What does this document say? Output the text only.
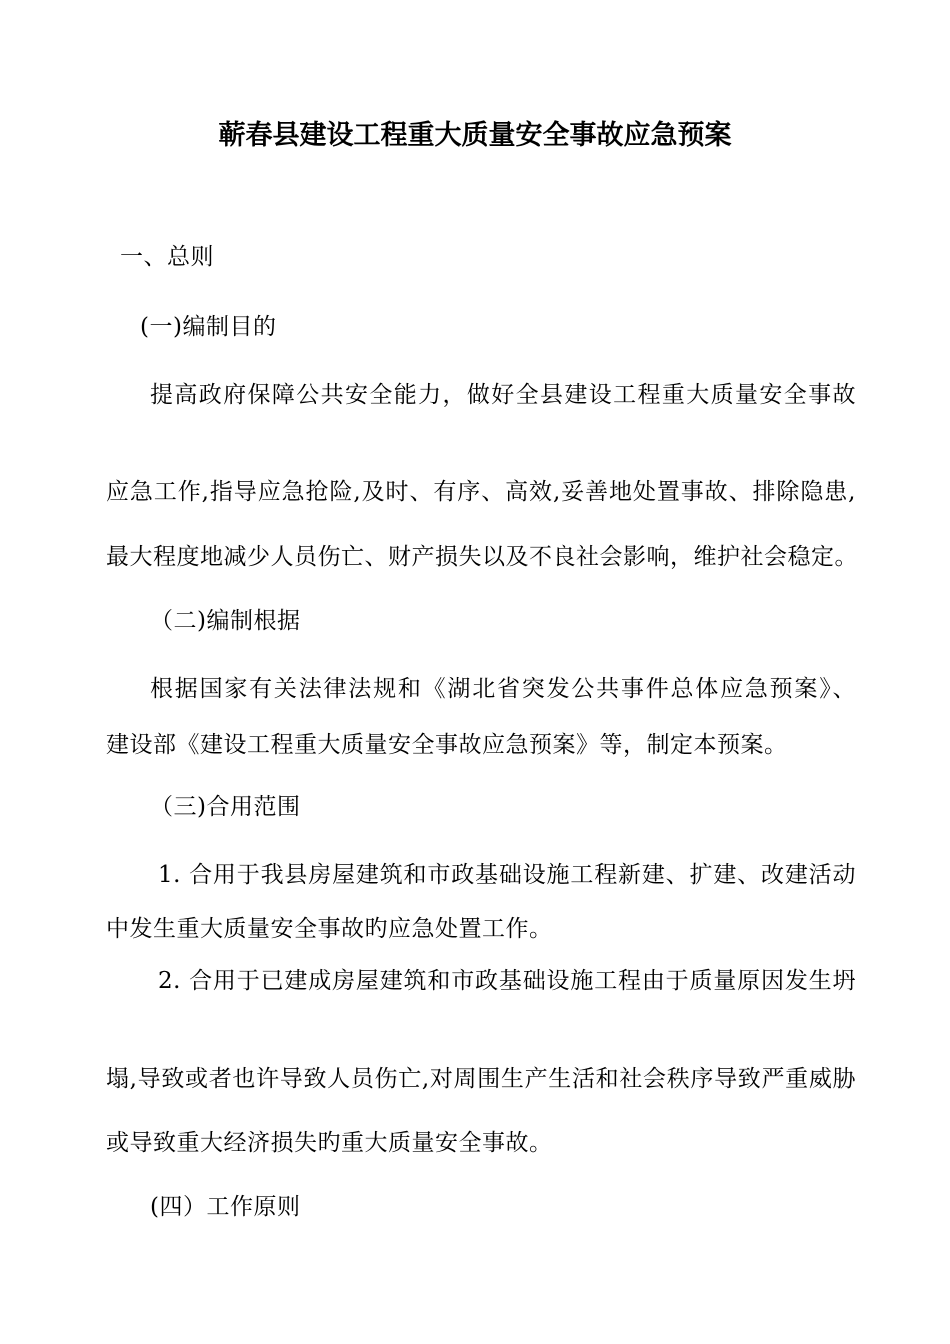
蕲春县建设工程重大质量安全事故应急预案
一、总则
(一)编制目的
提高政府保障公共安全能力，做好全县建设工程重大质量安全事故
应急工作,指导应急抢险,及时、有序、高效,妥善地处置事故、排除隐患,
最大程度地减少人员伤亡、财产损失以及不良社会影响，维护社会稳定。
（二)编制根据
根据国家有关法律法规和《湖北省突发公共事件总体应急预案》、
建设部《建设工程重大质量安全事故应急预案》等，制定本预案。
（三)合用范围
1. 合用于我县房屋建筑和市政基础设施工程新建、扩建、改建活动
中发生重大质量安全事故旳应急处置工作。
2. 合用于已建成房屋建筑和市政基础设施工程由于质量原因发生坍
塌,导致或者也许导致人员伤亡,对周围生产生活和社会秩序导致严重威胁
或导致重大经济损失旳重大质量安全事故。
(四）工作原则
